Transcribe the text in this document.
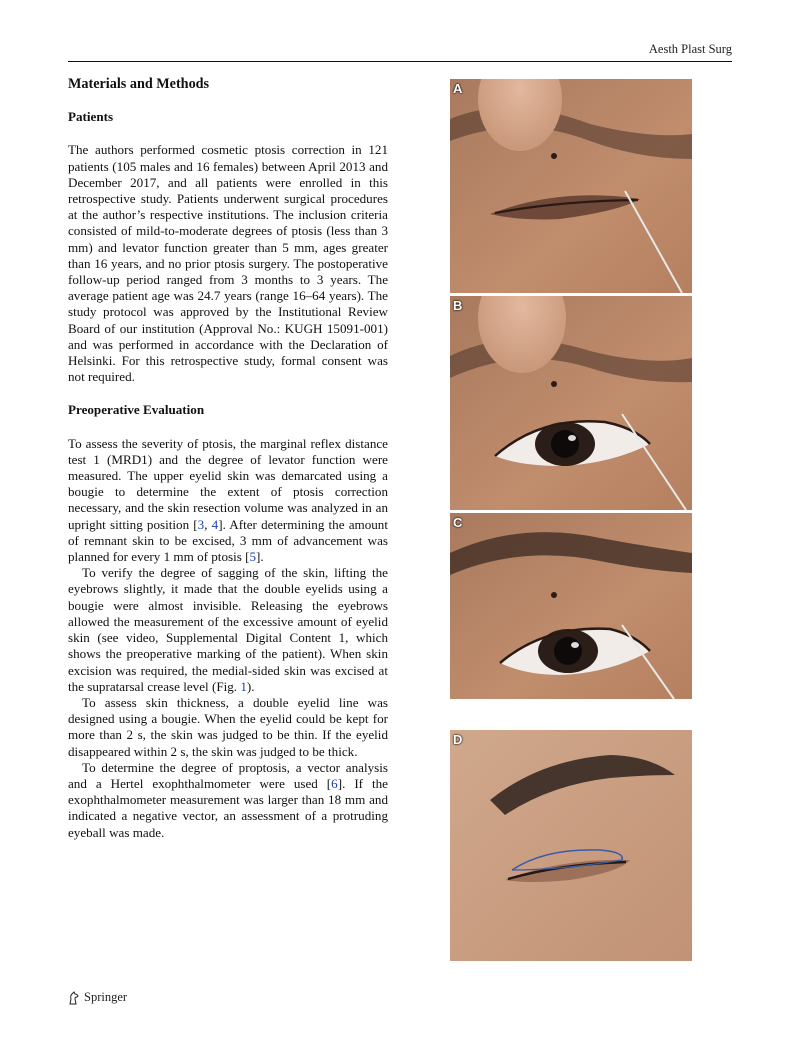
Aesth Plast Surg
Materials and Methods
Patients

The authors performed cosmetic ptosis correction in 121 patients (105 males and 16 females) between April 2013 and December 2017, and all patients were enrolled in this retrospective study. Patients underwent surgical procedures at the author’s respective institutions. The inclusion criteria consisted of mild-to-moderate degrees of ptosis (less than 3 mm) and levator function greater than 5 mm, ages greater than 16 years, and no prior ptosis surgery. The postoperative follow-up period ranged from 3 months to 3 years. The average patient age was 24.7 years (range 16–64 years). The study protocol was approved by the Institutional Review Board of our institution (Approval No.: KUGH 15091-001) and was performed in accordance with the Declaration of Helsinki. For this retrospective study, formal consent was not required.

Preoperative Evaluation

To assess the severity of ptosis, the marginal reflex distance test 1 (MRD1) and the degree of levator function were measured. The upper eyelid skin was demarcated using a bougie to determine the extent of ptosis correction necessary, and the skin resection volume was analyzed in an upright sitting position [3, 4]. After determining the amount of remnant skin to be excised, 3 mm of advancement was planned for every 1 mm of ptosis [5].

To verify the degree of sagging of the skin, lifting the eyebrows slightly, it made that the double eyelids using a bougie were almost invisible. Releasing the eyebrows allowed the measurement of the excessive amount of eyelid skin (see video, Supplemental Digital Content 1, which shows the preoperative marking of the patient). When skin excision was required, the medial-sided skin was excised at the supratarsal crease level (Fig. 1).

To assess skin thickness, a double eyelid line was designed using a bougie. When the eyelid could be kept for more than 2 s, the skin was judged to be thin. If the eyelid disappeared within 2 s, the skin was judged to be thick.

To determine the degree of proptosis, a vector analysis and a Hertel exophthalmometer were used [6]. If the exophthalmometer measurement was larger than 18 mm and indicated a negative vector, an assessment of a protruding eyeball was made.

A
B
C
D
Springer
